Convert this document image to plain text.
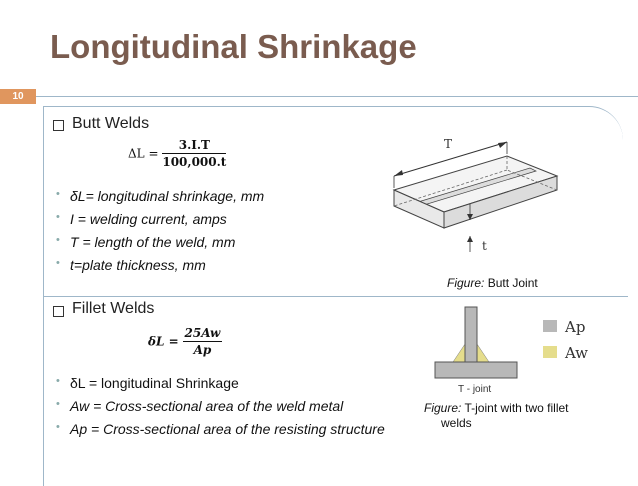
Longitudinal Shrinkage
10
Butt Welds
$\Delta L = \frac{3.I.T}{100,000.t}$
• δL= longitudinal shrinkage, mm
• I = welding current, amps
• T = length of the weld, mm
• t=plate thickness, mm
T
t
Figure: Butt Joint
Fillet Welds
$\delta L = \frac{25Aw}{Ap}$
• δL = longitudinal Shrinkage
• Aw = Cross-sectional area of the weld metal
• Ap = Cross-sectional area of the resisting structure
T - joint
Ap
Aw
Figure: T-joint with two fillet
welds
